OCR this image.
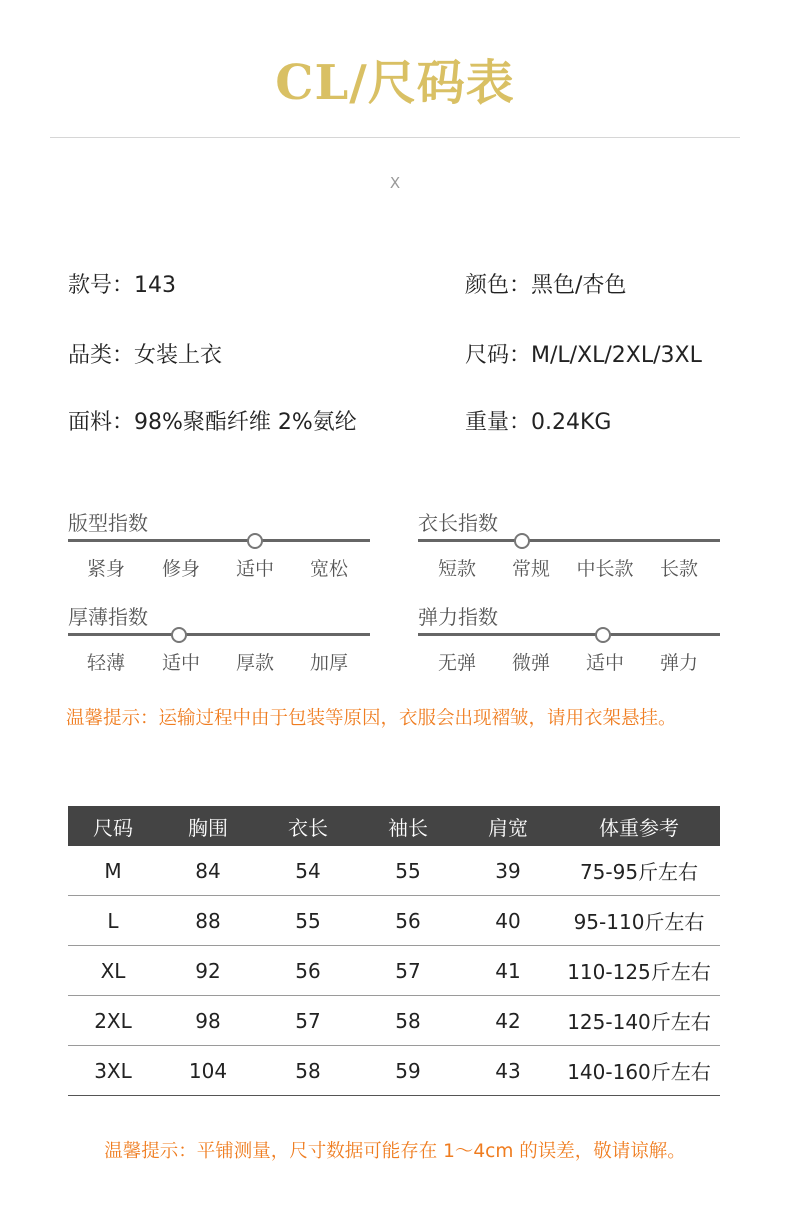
CL/尺码表
X
款号：143	颜色：黑色/杏色
品类：女装上衣	尺码：M/L/XL/2XL/3XL
面料：98%聚酯纤维 2%氨纶	重量：0.24KG
版型指数
紧身	修身	适中	宽松
衣长指数
短款	常规	中长款	长款
厚薄指数
轻薄	适中	厚款	加厚
弹力指数
无弹	微弹	适中	弹力
温馨提示：运输过程中由于包装等原因，衣服会出现褶皱，请用衣架悬挂。
尺码	胸围	衣长	袖长	肩宽	体重参考
M	84	54	55	39	75-95斤左右
L	88	55	56	40	95-110斤左右
XL	92	56	57	41	110-125斤左右
2XL	98	57	58	42	125-140斤左右
3XL	104	58	59	43	140-160斤左右
温馨提示：平铺测量，尺寸数据可能存在 1～4cm 的误差，敬请谅解。
